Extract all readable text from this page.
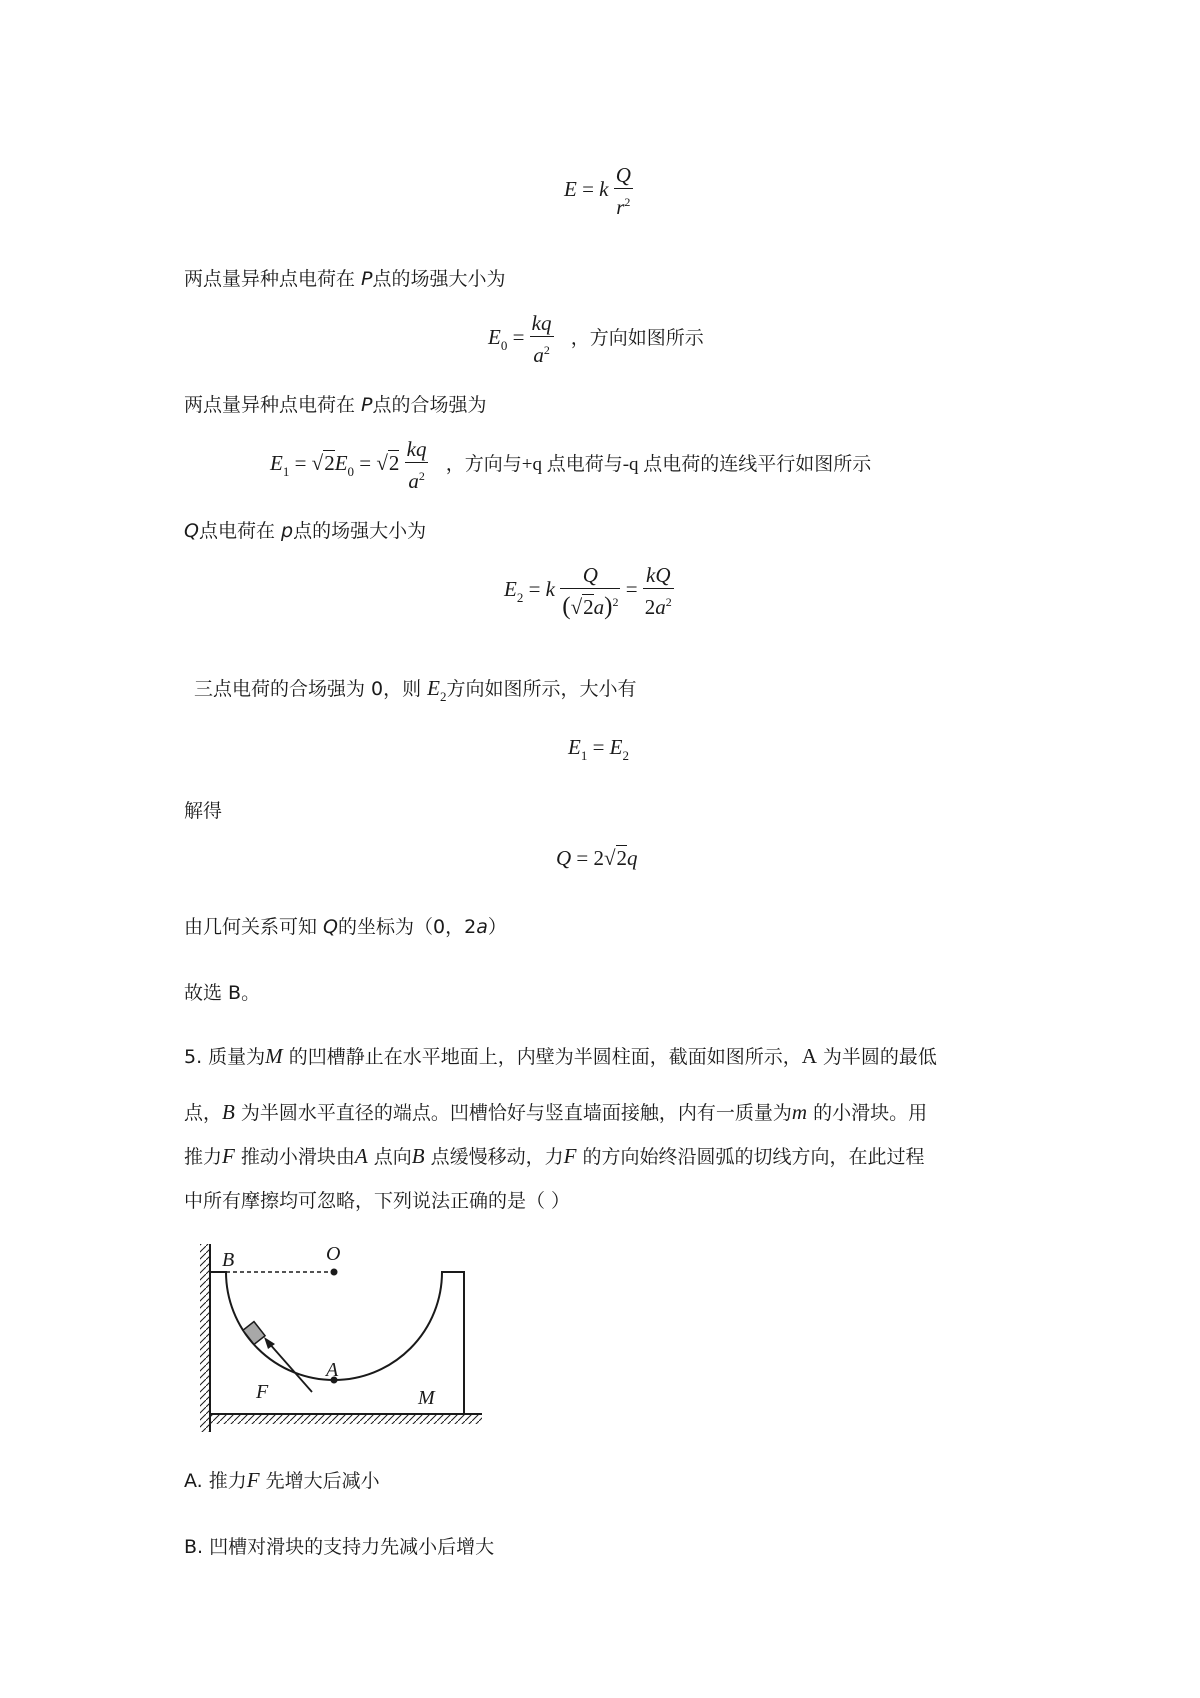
E = k $\frac{Q}{r^2}$
两点量异种点电荷在 P点的场强大小为
$E_0 = \frac{kq}{a^2}$ ，方向如图所示
两点量异种点电荷在 P点的合场强为
$E_1 = √2E_0 = √2 \frac{kq}{a^2}$ ，方向与+q 点电荷与-q 点电荷的连线平行如图所示
Q点电荷在 p点的场强大小为
$E_2 = k \frac{Q}{(√2a)^2} = \frac{kQ}{2a^2}$
三点电荷的合场强为 0，则 $E_2$方向如图所示，大小有
$E_1 = E_2$
解得
Q = 2√2q
由几何关系可知 Q的坐标为（0，2a）
故选 B。
5. 质量为M 的凹槽静止在水平地面上，内壁为半圆柱面，截面如图所示，A 为半圆的最低
点，B 为半圆水平直径的端点。凹槽恰好与竖直墙面接触，内有一质量为m 的小滑块。用
推力F 推动小滑块由A 点向B 点缓慢移动，力F 的方向始终沿圆弧的切线方向，在此过程
中所有摩擦均可忽略，下列说法正确的是（ ）
B	O
A
F	M
A. 推力F 先增大后减小
B. 凹槽对滑块的支持力先减小后增大
